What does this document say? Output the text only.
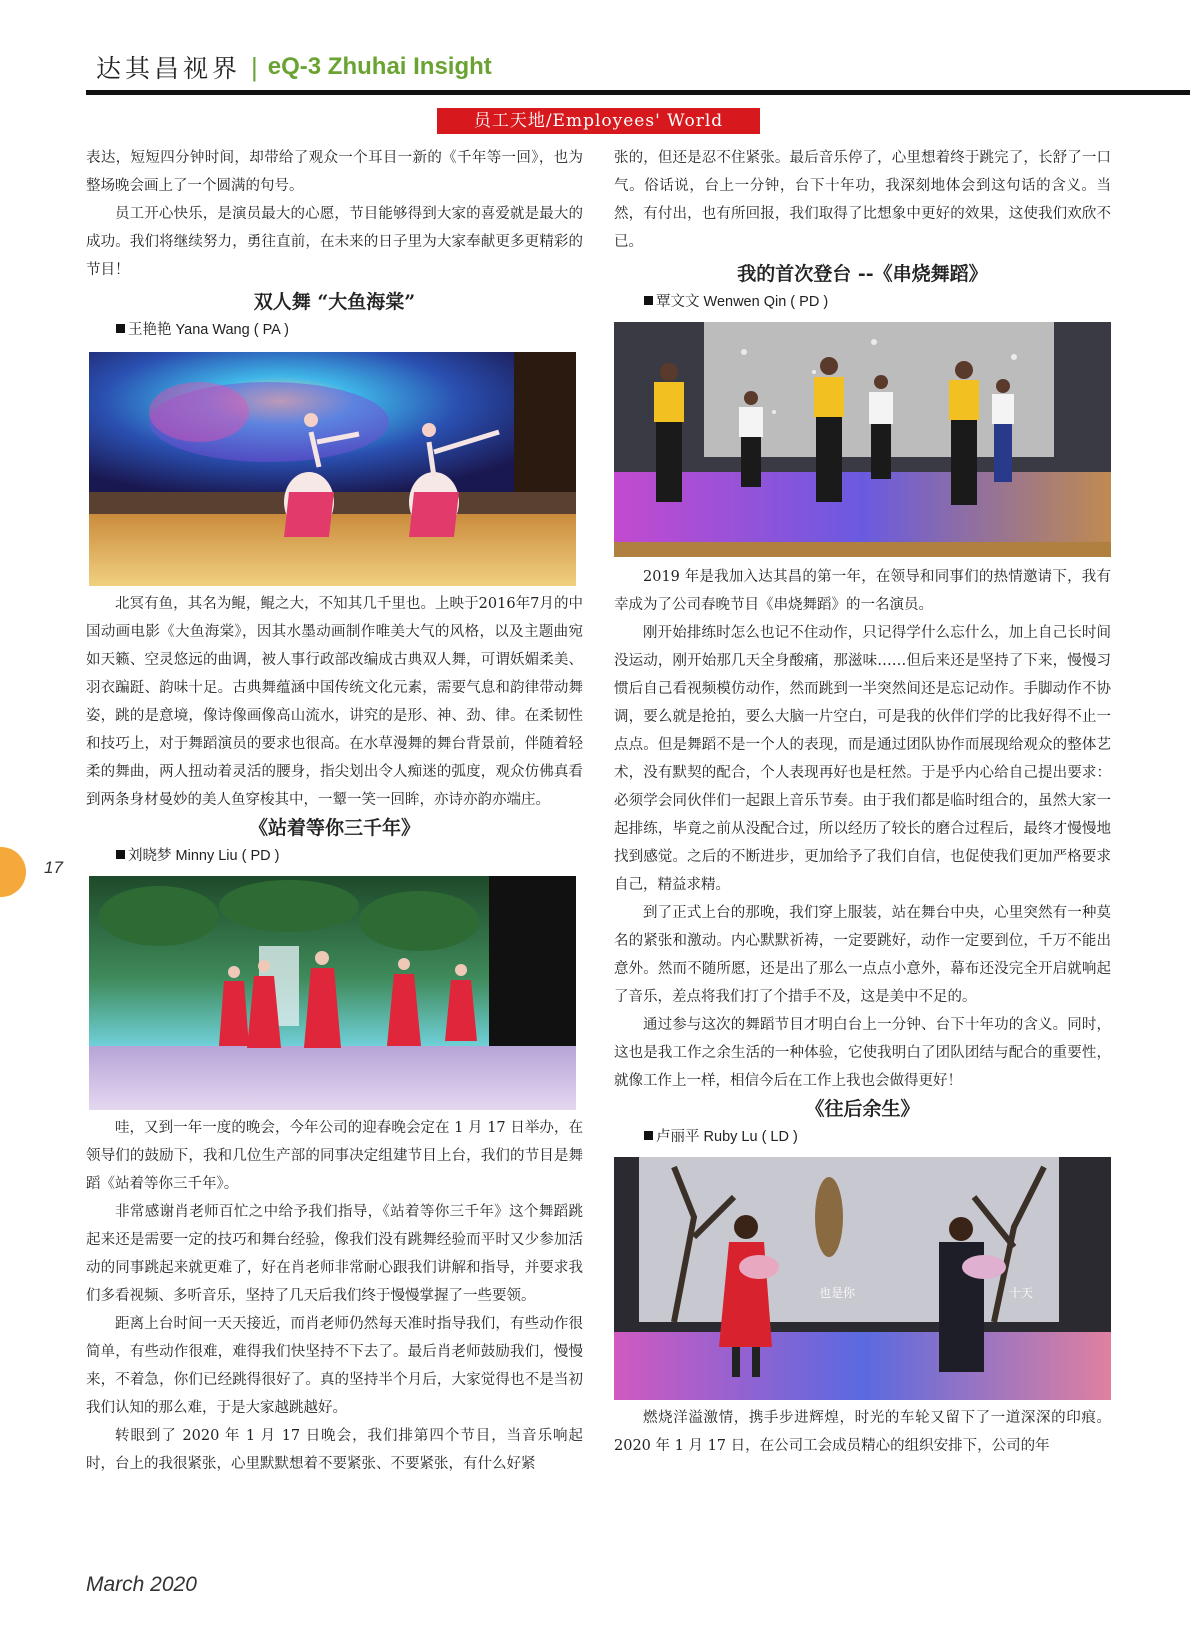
达其昌视界 | eQ-3 Zhuhai Insight
员工天地/Employees' World

表达，短短四分钟时间，却带给了观众一个耳目一新的《千年等一回》，也为整场晚会画上了一个圆满的句号。

员工开心快乐，是演员最大的心愿，节目能够得到大家的喜爱就是最大的成功。我们将继续努力，勇往直前，在未来的日子里为大家奉献更多更精彩的节目！

双人舞 “大鱼海棠”

王艳艳 Yana Wang ( PA )

北冥有鱼，其名为鲲，鲲之大，不知其几千里也。上映于2016年7月的中国动画电影《大鱼海棠》，因其水墨动画制作唯美大气的风格，以及主题曲宛如天籁、空灵悠远的曲调，被人事行政部改编成古典双人舞，可谓妖媚柔美、羽衣蹁跹、韵味十足。古典舞蕴涵中国传统文化元素，需要气息和韵律带动舞姿，跳的是意境，像诗像画像高山流水，讲究的是形、神、劲、律。在柔韧性和技巧上，对于舞蹈演员的要求也很高。在水草漫舞的舞台背景前，伴随着轻柔的舞曲，两人扭动着灵活的腰身，指尖划出令人痴迷的弧度，观众仿佛真看到两条身材曼妙的美人鱼穿梭其中，一颦一笑一回眸，亦诗亦韵亦端庄。

《站着等你三千年》

刘晓梦 Minny Liu ( PD )

哇，又到一年一度的晚会，今年公司的迎春晚会定在 1 月 17 日举办，在领导们的鼓励下，我和几位生产部的同事决定组建节目上台，我们的节目是舞蹈《站着等你三千年》。

非常感谢肖老师百忙之中给予我们指导，《站着等你三千年》这个舞蹈跳起来还是需要一定的技巧和舞台经验，像我们没有跳舞经验而平时又少参加活动的同事跳起来就更难了，好在肖老师非常耐心跟我们讲解和指导，并要求我们多看视频、多听音乐，坚持了几天后我们终于慢慢掌握了一些要领。

距离上台时间一天天接近，而肖老师仍然每天准时指导我们，有些动作很简单，有些动作很难，难得我们快坚持不下去了。最后肖老师鼓励我们，慢慢来，不着急，你们已经跳得很好了。真的坚持半个月后，大家觉得也不是当初我们认知的那么难，于是大家越跳越好。

转眼到了 2020 年 1 月 17 日晚会，我们排第四个节目，当音乐响起时，台上的我很紧张，心里默默想着不要紧张、不要紧张，有什么好紧

张的，但还是忍不住紧张。最后音乐停了，心里想着终于跳完了，长舒了一口气。俗话说，台上一分钟，台下十年功，我深刻地体会到这句话的含义。当然，有付出，也有所回报，我们取得了比想象中更好的效果，这使我们欢欣不已。

我的首次登台 --《串烧舞蹈》

覃文文 Wenwen Qin ( PD )

2019 年是我加入达其昌的第一年，在领导和同事们的热情邀请下，我有幸成为了公司春晚节目《串烧舞蹈》的一名演员。

刚开始排练时怎么也记不住动作，只记得学什么忘什么，加上自己长时间没运动，刚开始那几天全身酸痛，那滋味……但后来还是坚持了下来，慢慢习惯后自己看视频模仿动作，然而跳到一半突然间还是忘记动作。手脚动作不协调，要么就是抢拍，要么大脑一片空白，可是我的伙伴们学的比我好得不止一点点。但是舞蹈不是一个人的表现，而是通过团队协作而展现给观众的整体艺术，没有默契的配合，个人表现再好也是枉然。于是乎内心给自己提出要求：必须学会同伙伴们一起跟上音乐节奏。由于我们都是临时组合的，虽然大家一起排练，毕竟之前从没配合过，所以经历了较长的磨合过程后，最终才慢慢地找到感觉。之后的不断进步，更加给予了我们自信，也促使我们更加严格要求自己，精益求精。

到了正式上台的那晚，我们穿上服装，站在舞台中央，心里突然有一种莫名的紧张和激动。内心默默祈祷，一定要跳好，动作一定要到位，千万不能出意外。然而不随所愿，还是出了那么一点点小意外，幕布还没完全开启就响起了音乐，差点将我们打了个措手不及，这是美中不足的。

通过参与这次的舞蹈节目才明白台上一分钟、台下十年功的含义。同时，这也是我工作之余生活的一种体验，它使我明白了团队团结与配合的重要性，就像工作上一样，相信今后在工作上我也会做得更好！

《往后余生》

卢丽平 Ruby Lu ( LD )

也是你	十天

燃烧洋溢激情，携手步进辉煌，时光的车轮又留下了一道深深的印痕。2020 年 1 月 17 日，在公司工会成员精心的组织安排下，公司的年

17
March 2020
